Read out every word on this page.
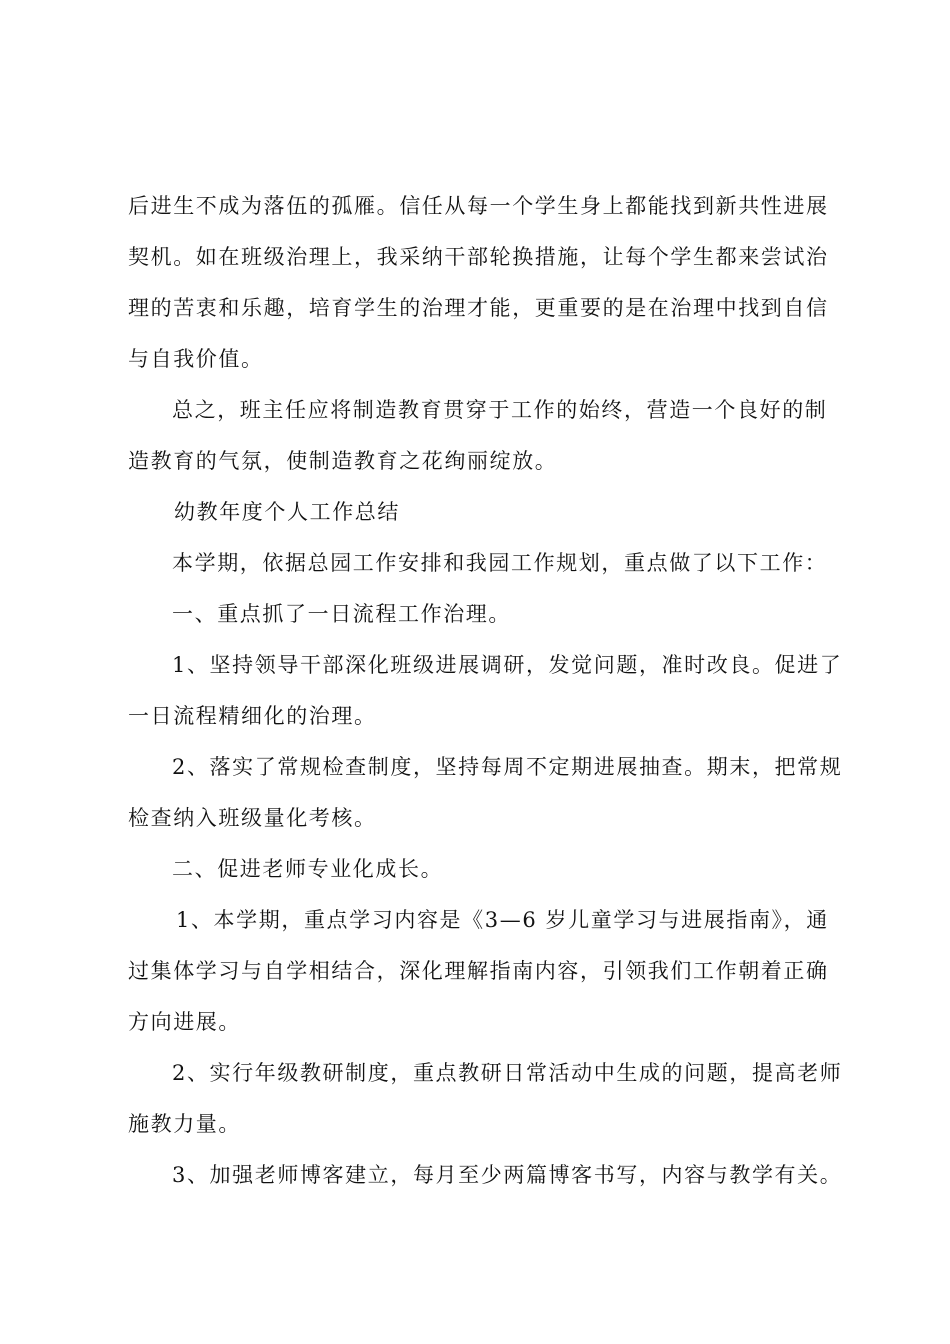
后进生不成为落伍的孤雁。信任从每一个学生身上都能找到新共性进展
契机。如在班级治理上，我采纳干部轮换措施，让每个学生都来尝试治
理的苦衷和乐趣，培育学生的治理才能，更重要的是在治理中找到自信
与自我价值。
总之，班主任应将制造教育贯穿于工作的始终，营造一个良好的制
造教育的气氛，使制造教育之花绚丽绽放。
幼教年度个人工作总结
本学期，依据总园工作安排和我园工作规划，重点做了以下工作：
一、重点抓了一日流程工作治理。
1、坚持领导干部深化班级进展调研，发觉问题，准时改良。促进了
一日流程精细化的治理。
2、落实了常规检查制度，坚持每周不定期进展抽查。期末，把常规
检查纳入班级量化考核。
二、促进老师专业化成长。
1、本学期，重点学习内容是《3—6 岁儿童学习与进展指南》，通
过集体学习与自学相结合，深化理解指南内容，引领我们工作朝着正确
方向进展。
2、实行年级教研制度，重点教研日常活动中生成的问题，提高老师
施教力量。
3、加强老师博客建立，每月至少两篇博客书写，内容与教学有关。
